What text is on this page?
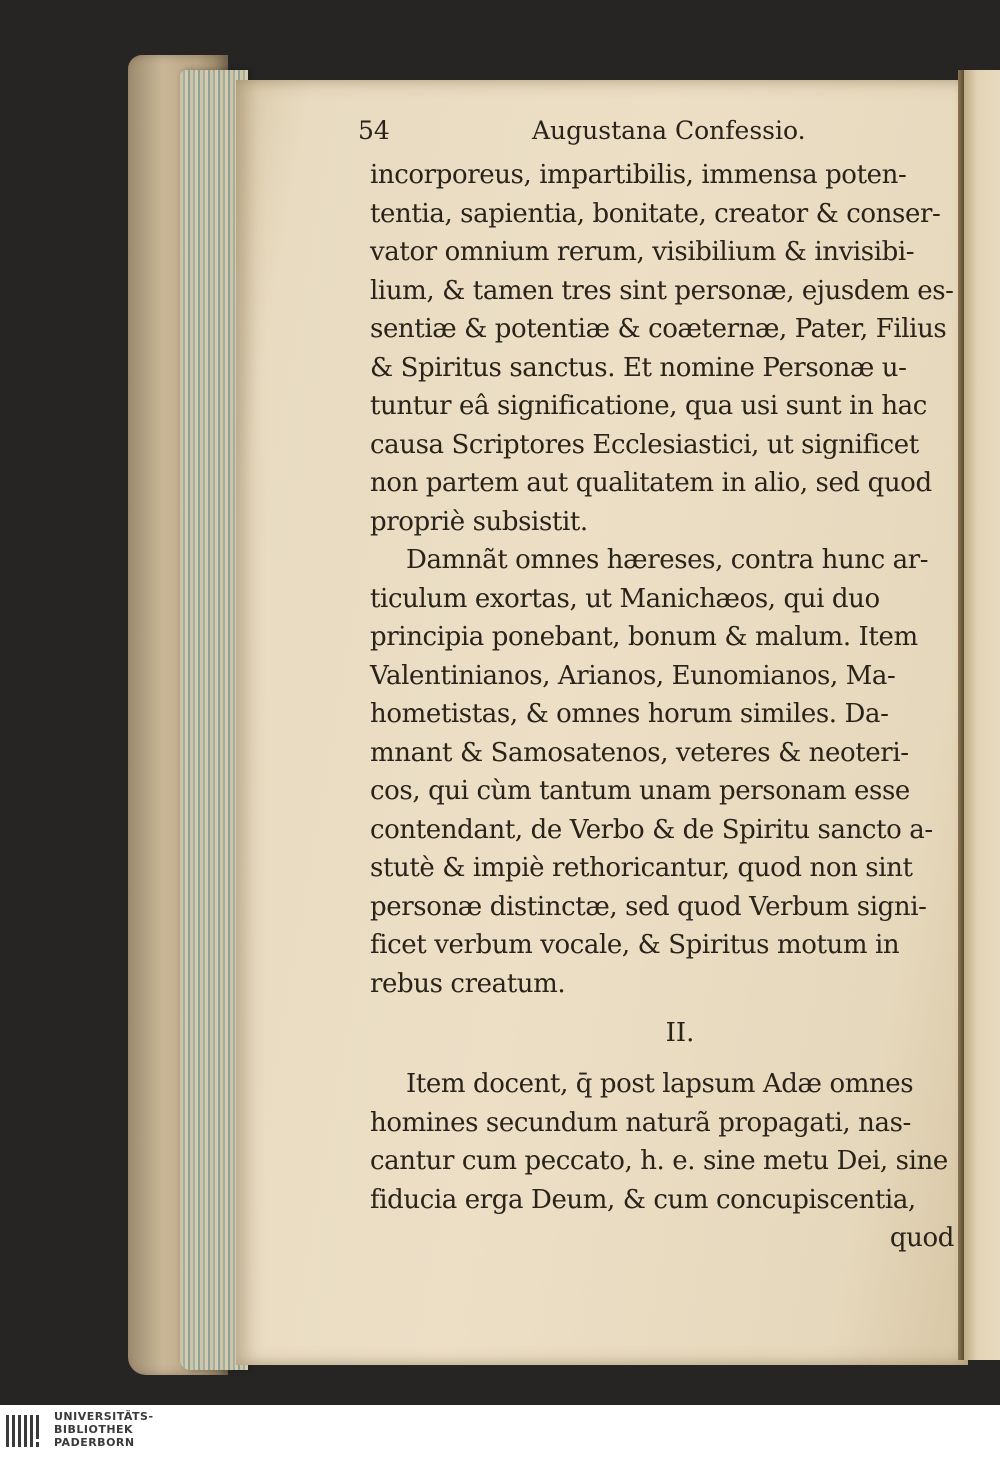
54	Augustana Confessio.
incorporeus, impartibilis, immensa poten-
tentia, sapientia, bonitate, creator & conser-
vator omnium rerum, visibilium & invisibi-
lium, & tamen tres sint personæ, ejusdem es-
sentiæ & potentiæ & coæternæ, Pater, Filius
& Spiritus sanctus. Et nomine Personæ u-
tuntur eâ significatione, qua usi sunt in hac
causa Scriptores Ecclesiastici, ut significet
non partem aut qualitatem in alio, sed quod
propriè subsistit.
Damnãt omnes hæreses, contra hunc ar-
ticulum exortas, ut Manichæos, qui duo
principia ponebant, bonum & malum. Item
Valentinianos, Arianos, Eunomianos, Ma-
hometistas, & omnes horum similes. Da-
mnant & Samosatenos, veteres & neoteri-
cos, qui cùm tantum unam personam esse
contendant, de Verbo & de Spiritu sancto a-
stutè & impiè rethoricantur, quod non sint
personæ distinctæ, sed quod Verbum signi-
ficet verbum vocale, & Spiritus motum in
rebus creatum.
II.
Item docent, q̄ post lapsum Adæ omnes
homines secundum naturã propagati, nas-
cantur cum peccato, h. e. sine metu Dei, sine
fiducia erga Deum, & cum concupiscentia,
quod
UNIVERSITÄTS-
BIBLIOTHEK
PADERBORN
